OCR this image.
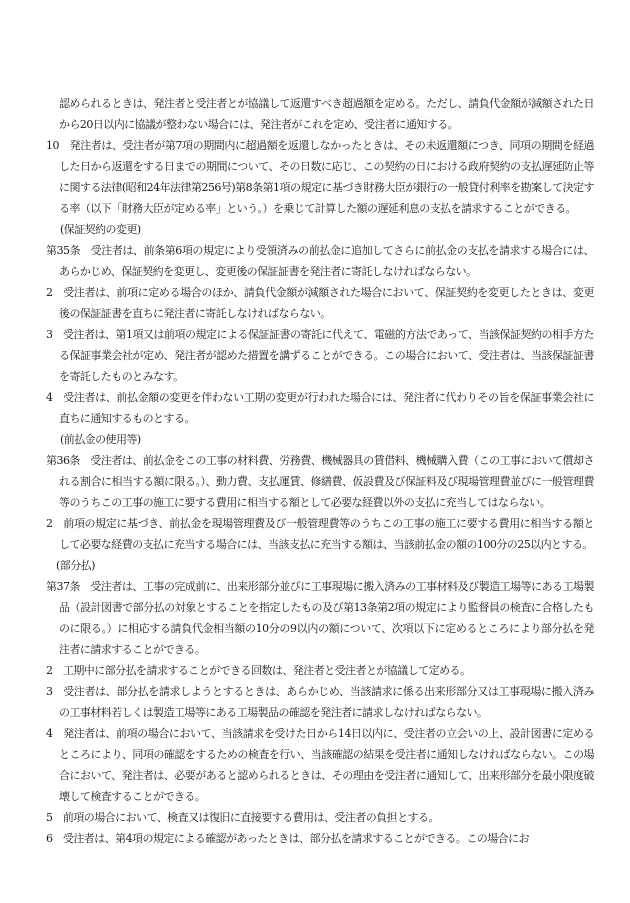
認められるときは、発注者と受注者とが協議して返還すべき超過額を定める。ただし、請負代金額が減額された日から20日以内に協議が整わない場合には、発注者がこれを定め、受注者に通知する。

10　発注者は、受注者が第7項の期間内に超過額を返還しなかったときは、その未返還額につき、同項の期間を経過した日から返還をする日までの期間について、その日数に応じ、この契約の日における政府契約の支払遅延防止等に関する法律(昭和24年法律第256号)第8条第1項の規定に基づき財務大臣が銀行の一般貸付利率を勘案して決定する率（以下「財務大臣が定める率」という。）を乗じて計算した額の遅延利息の支払を請求することができる。

(保証契約の変更)

第35条　受注者は、前条第6項の規定により受領済みの前払金に追加してさらに前払金の支払を請求する場合には、あらかじめ、保証契約を変更し、変更後の保証証書を発注者に寄託しなければならない。

2　受注者は、前項に定める場合のほか、請負代金額が減額された場合において、保証契約を変更したときは、変更後の保証証書を直ちに発注者に寄託しなければならない。

3　受注者は、第1項又は前項の規定による保証証書の寄託に代えて、電磁的方法であって、当該保証契約の相手方たる保証事業会社が定め、発注者が認めた措置を講ずることができる。この場合において、受注者は、当該保証証書を寄託したものとみなす。

4　受注者は、前払金額の変更を伴わない工期の変更が行われた場合には、発注者に代わりその旨を保証事業会社に直ちに通知するものとする。

(前払金の使用等)

第36条　受注者は、前払金をこの工事の材料費、労務費、機械器具の賃借料、機械購入費（この工事において償却される割合に相当する額に限る。）、動力費、支払運賃、修繕費、仮設費及び保証料及び現場管理費並びに一般管理費等のうちこの工事の施工に要する費用に相当する額として必要な経費以外の支払に充当してはならない。

2　前項の規定に基づき、前払金を現場管理費及び一般管理費等のうちこの工事の施工に要する費用に相当する額として必要な経費の支払に充当する場合には、当該支払に充当する額は、当該前払金の額の100分の25以内とする。

(部分払)

第37条　受注者は、工事の完成前に、出来形部分並びに工事現場に搬入済みの工事材料及び製造工場等にある工場製品（設計図書で部分払の対象とすることを指定したもの及び第13条第2項の規定により監督員の検査に合格したものに限る。）に相応する請負代金相当額の10分の9以内の額について、次項以下に定めるところにより部分払を発注者に請求することができる。

2　工期中に部分払を請求することができる回数は、発注者と受注者とが協議して定める。

3　受注者は、部分払を請求しようとするときは、あらかじめ、当該請求に係る出来形部分又は工事現場に搬入済みの工事材料若しくは製造工場等にある工場製品の確認を発注者に請求しなければならない。

4　発注者は、前項の場合において、当該請求を受けた日から14日以内に、受注者の立会いの上、設計図書に定めるところにより、同項の確認をするための検査を行い、当該確認の結果を受注者に通知しなければならない。この場合において、発注者は、必要があると認められるときは、その理由を受注者に通知して、出来形部分を最小限度破壊して検査することができる。

5　前項の場合において、検査又は復旧に直接要する費用は、受注者の負担とする。

6　受注者は、第4項の規定による確認があったときは、部分払を請求することができる。この場合にお
